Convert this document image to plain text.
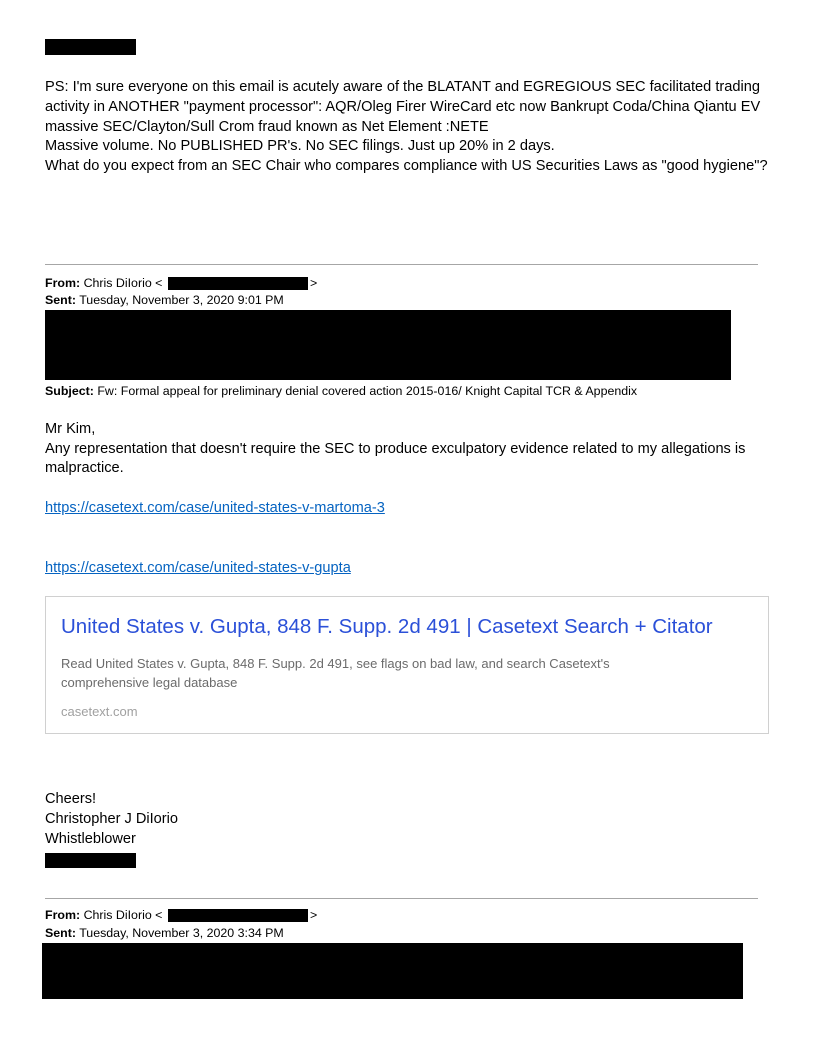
PS: I'm sure everyone on this email is acutely aware of the BLATANT and EGREGIOUS SEC facilitated trading
activity in ANOTHER "payment processor": AQR/Oleg Firer WireCard etc now Bankrupt Coda/China Qiantu EV
massive SEC/Clayton/Sull Crom fraud known as Net Element :NETE
Massive volume. No PUBLISHED PR's. No SEC filings. Just up 20% in 2 days.
What do you expect from an SEC Chair who compares compliance with US Securities Laws as "good hygiene"?
From: Chris DiIorio <	>
Sent: Tuesday, November 3, 2020 9:01 PM
Subject: Fw: Formal appeal for preliminary denial covered action 2015-016/ Knight Capital TCR & Appendix
Mr Kim,
Any representation that doesn't require the SEC to produce exculpatory evidence related to my allegations is
malpractice.
https://casetext.com/case/united-states-v-martoma-3
https://casetext.com/case/united-states-v-gupta
United States v. Gupta, 848 F. Supp. 2d 491 | Casetext Search + Citator
Read United States v. Gupta, 848 F. Supp. 2d 491, see flags on bad law, and search Casetext's comprehensive legal database
casetext.com
Cheers!
Christopher J DiIorio
Whistleblower
From: Chris DiIorio <	>
Sent: Tuesday, November 3, 2020 3:34 PM
